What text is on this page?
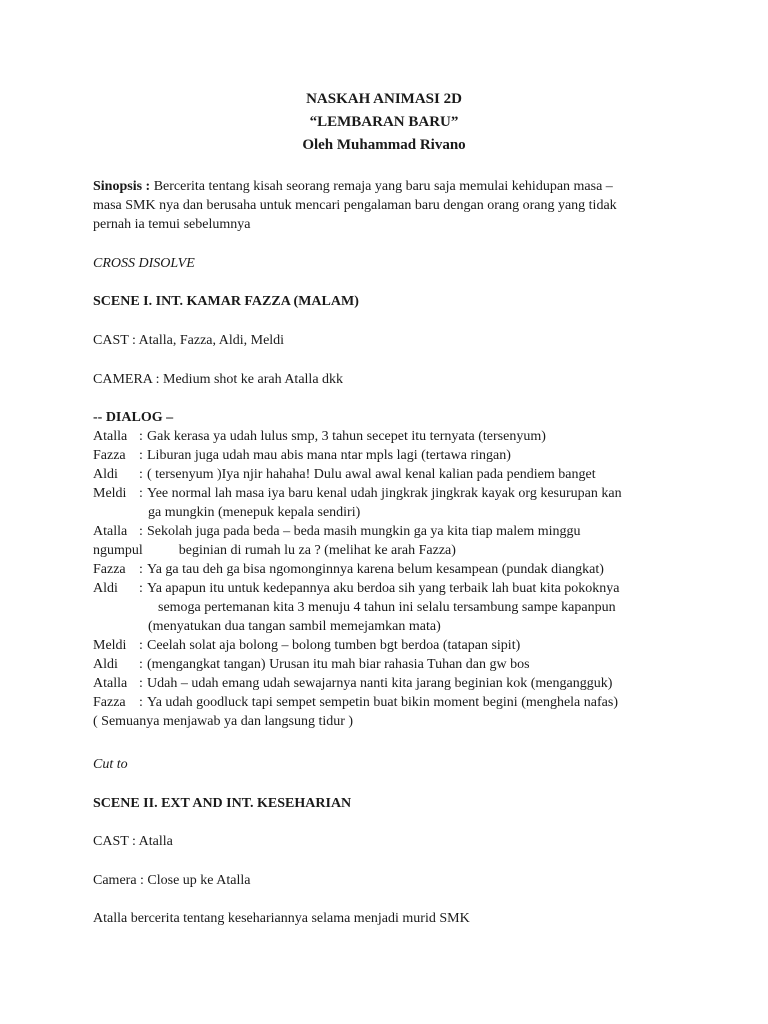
NASKAH ANIMASI 2D
“LEMBARAN BARU”
Oleh Muhammad Rivano
Sinopsis : Bercerita tentang kisah seorang remaja yang baru saja memulai kehidupan masa –
masa SMK nya dan berusaha untuk mencari pengalaman baru dengan orang orang yang tidak
pernah ia temui sebelumnya
CROSS DISOLVE
SCENE I. INT. KAMAR FAZZA (MALAM)
CAST : Atalla, Fazza, Aldi, Meldi
CAMERA : Medium shot ke arah Atalla dkk
-- DIALOG –
Atalla : Gak kerasa ya udah lulus smp, 3 tahun secepet itu ternyata (tersenyum)
Fazza : Liburan juga udah mau abis mana ntar mpls lagi (tertawa ringan)
Aldi	: ( tersenyum )Iya njir hahaha! Dulu awal awal kenal kalian pada pendiem banget
Meldi : Yee normal lah masa iya baru kenal udah jingkrak jingkrak kayak org kesurupan kan
ga mungkin (menepuk kepala sendiri)
Atalla : Sekolah juga pada beda – beda masih mungkin ga ya kita tiap malem minggu
ngumpul	beginian di rumah lu za ? (melihat ke arah Fazza)
Fazza : Ya ga tau deh ga bisa ngomonginnya karena belum kesampean (pundak diangkat)
Aldi	: Ya apapun itu untuk kedepannya aku berdoa sih yang terbaik lah buat kita pokoknya
semoga pertemanan kita 3 menuju 4 tahun ini selalu tersambung sampe kapanpun
(menyatukan dua tangan sambil memejamkan mata)
Meldi : Ceelah solat aja bolong – bolong tumben bgt berdoa (tatapan sipit)
Aldi	: (mengangkat tangan) Urusan itu mah biar rahasia Tuhan dan gw bos
Atalla : Udah – udah emang udah sewajarnya nanti kita jarang beginian kok (mengangguk)
Fazza : Ya udah goodluck tapi sempet sempetin buat bikin moment begini (menghela nafas)
( Semuanya menjawab ya dan langsung tidur )
Cut to
SCENE II. EXT AND INT. KESEHARIAN
CAST : Atalla
Camera : Close up ke Atalla
Atalla bercerita tentang kesehariannya selama menjadi murid SMK
